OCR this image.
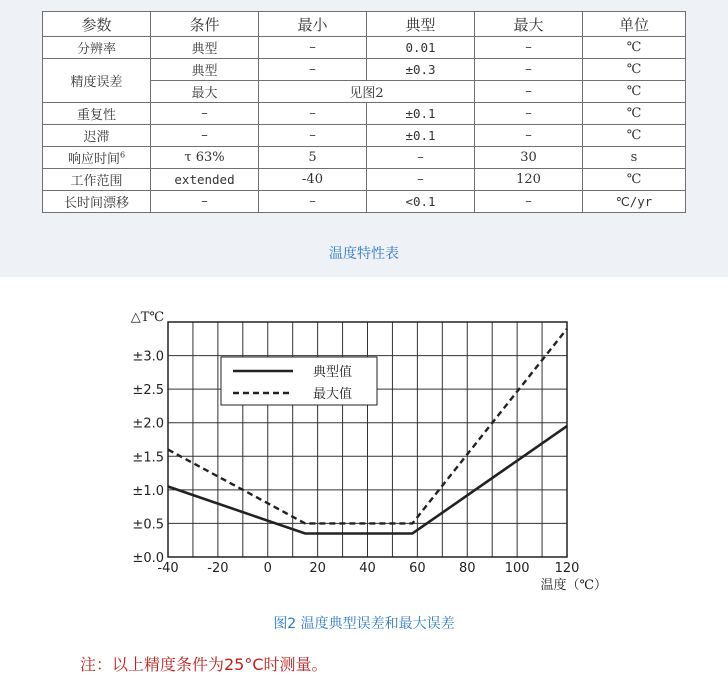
参数	条件	最小	典型	最大	单位
分辨率	典型	–	0.01	–	℃
精度误差	典型	–	±0.3	–	℃
	最大	见图2		–	℃
重复性	–	–	±0.1	–	℃
迟滞	–	–	±0.1	–	℃
响应时间$^6$	τ 63%	5	–	30	s
工作范围	extended	-40	–	120	℃
长时间漂移	–	–	<0.1	–	℃/yr
温度特性表
±0.0
±0.5
±1.0
±1.5
±2.0
±2.5
±3.0
-40 -20	0	20	40	60	80 100 120
△T℃
温度（℃）
典型值
最大值
图2 温度典型误差和最大误差
注：以上精度条件为25°C时测量。
